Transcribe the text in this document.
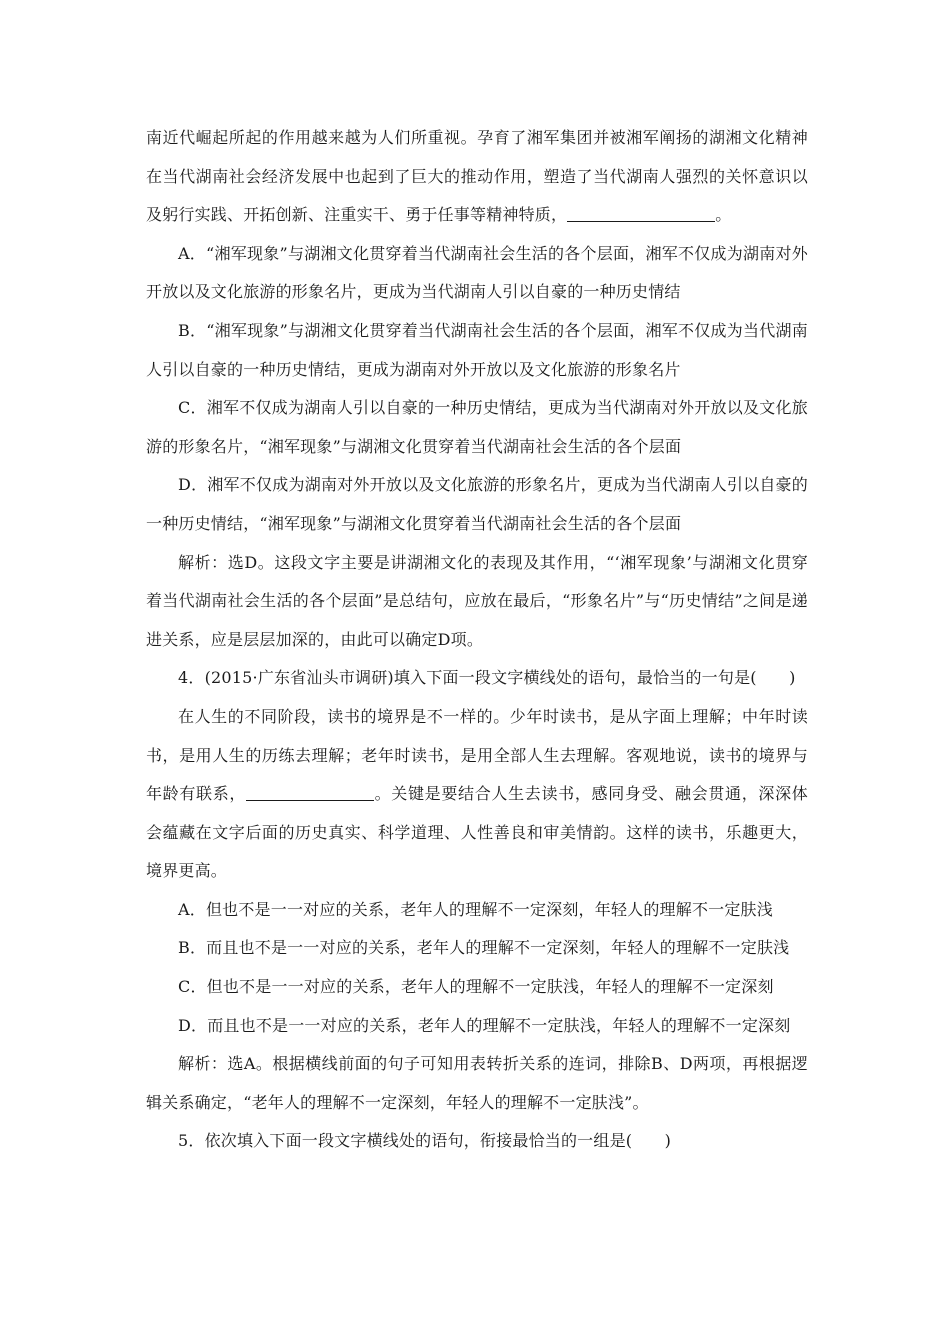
南近代崛起所起的作用越来越为人们所重视。孕育了湘军集团并被湘军阐扬的湖湘文化精神在当代湖南社会经济发展中也起到了巨大的推动作用，塑造了当代湖南人强烈的关怀意识以及躬行实践、开拓创新、注重实干、勇于任事等精神特质，	。

A．“湘军现象”与湖湘文化贯穿着当代湖南社会生活的各个层面，湘军不仅成为湖南对外开放以及文化旅游的形象名片，更成为当代湖南人引以自豪的一种历史情结

B．“湘军现象”与湖湘文化贯穿着当代湖南社会生活的各个层面，湘军不仅成为当代湖南人引以自豪的一种历史情结，更成为湖南对外开放以及文化旅游的形象名片

C．湘军不仅成为湖南人引以自豪的一种历史情结，更成为当代湖南对外开放以及文化旅游的形象名片，“湘军现象”与湖湘文化贯穿着当代湖南社会生活的各个层面

D．湘军不仅成为湖南对外开放以及文化旅游的形象名片，更成为当代湖南人引以自豪的一种历史情结，“湘军现象”与湖湘文化贯穿着当代湖南社会生活的各个层面

解析：选D。这段文字主要是讲湖湘文化的表现及其作用，“‘湘军现象’与湖湘文化贯穿着当代湖南社会生活的各个层面”是总结句，应放在最后，“形象名片”与“历史情结”之间是递进关系，应是层层加深的，由此可以确定D项。

4．(2015·广东省汕头市调研)填入下面一段文字横线处的语句，最恰当的一句是(　　)

在人生的不同阶段，读书的境界是不一样的。少年时读书，是从字面上理解；中年时读书，是用人生的历练去理解；老年时读书，是用全部人生去理解。客观地说，读书的境界与年龄有联系，	。关键是要结合人生去读书，感同身受、融会贯通，深深体会蕴藏在文字后面的历史真实、科学道理、人性善良和审美情韵。这样的读书，乐趣更大，境界更高。

A．但也不是一一对应的关系，老年人的理解不一定深刻，年轻人的理解不一定肤浅

B．而且也不是一一对应的关系，老年人的理解不一定深刻，年轻人的理解不一定肤浅

C．但也不是一一对应的关系，老年人的理解不一定肤浅，年轻人的理解不一定深刻

D．而且也不是一一对应的关系，老年人的理解不一定肤浅，年轻人的理解不一定深刻

解析：选A。根据横线前面的句子可知用表转折关系的连词，排除B、D两项，再根据逻辑关系确定，“老年人的理解不一定深刻，年轻人的理解不一定肤浅”。

5．依次填入下面一段文字横线处的语句，衔接最恰当的一组是(　　)
